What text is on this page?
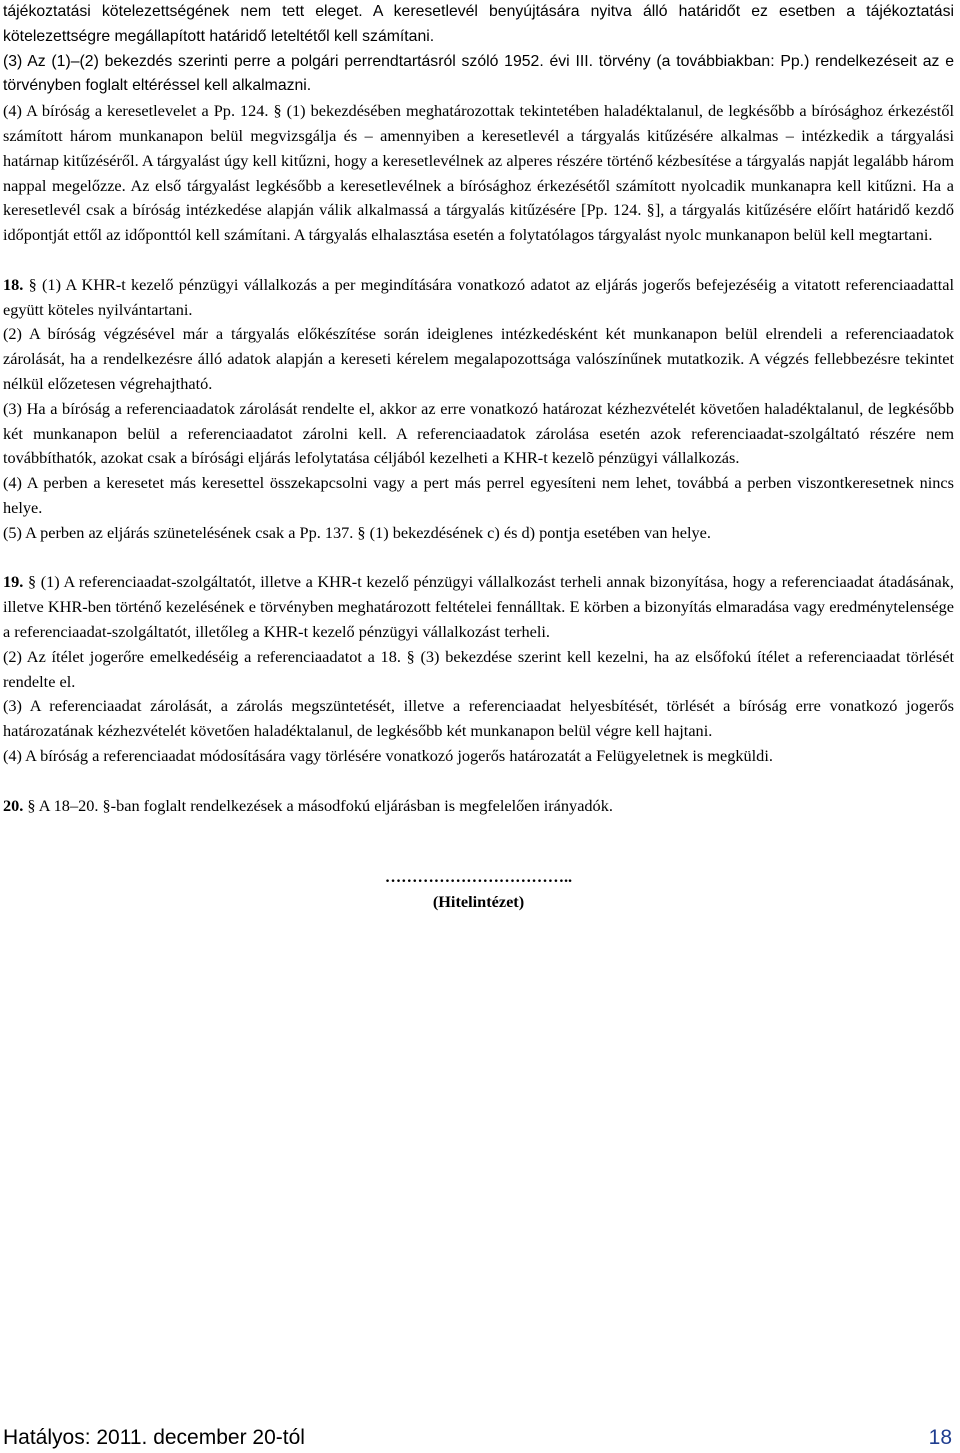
tájékoztatási kötelezettségének nem tett eleget. A keresetlevél benyújtására nyitva álló határidőt ez esetben a tájékoztatási kötelezettségre megállapított határidő leteltétől kell számítani.

(3) Az (1)–(2) bekezdés szerinti perre a polgári perrendtartásról szóló 1952. évi III. törvény (a továbbiakban: Pp.) rendelkezéseit az e törvényben foglalt eltéréssel kell alkalmazni.

(4) A bíróság a keresetlevelet a Pp. 124. § (1) bekezdésében meghatározottak tekintetében haladéktalanul, de legkésőbb a bírósághoz érkezéstől számított három munkanapon belül megvizsgálja és – amennyiben a keresetlevél a tárgyalás kitűzésére alkalmas – intézkedik a tárgyalási határnap kitűzéséről. A tárgyalást úgy kell kitűzni, hogy a keresetlevélnek az alperes részére történő kézbesítése a tárgyalás napját legalább három nappal megelőzze. Az első tárgyalást legkésőbb a keresetlevélnek a bírósághoz érkezésétől számított nyolcadik munkanapra kell kitűzni. Ha a keresetlevél csak a bíróság intézkedése alapján válik alkalmassá a tárgyalás kitűzésére [Pp. 124. §], a tárgyalás kitűzésére előírt határidő kezdő időpontját ettől az időponttól kell számítani. A tárgyalás elhalasztása esetén a folytatólagos tárgyalást nyolc munkanapon belül kell megtartani.

18. § (1) A KHR-t kezelő pénzügyi vállalkozás a per megindítására vonatkozó adatot az eljárás jogerős befejezéséig a vitatott referenciaadattal együtt köteles nyilvántartani.

(2) A bíróság végzésével már a tárgyalás előkészítése során ideiglenes intézkedésként két munkanapon belül elrendeli a referenciaadatok zárolását, ha a rendelkezésre álló adatok alapján a kereseti kérelem megalapozottsága valószínűnek mutatkozik. A végzés fellebbezésre tekintet nélkül előzetesen végrehajtható.

(3) Ha a bíróság a referenciaadatok zárolását rendelte el, akkor az erre vonatkozó határozat kézhezvételét követően haladéktalanul, de legkésőbb két munkanapon belül a referenciaadatot zárolni kell. A referenciaadatok zárolása esetén azok referenciaadat-szolgáltató részére nem továbbíthatók, azokat csak a bírósági eljárás lefolytatása céljából kezelheti a KHR-t kezelõ pénzügyi vállalkozás.

(4) A perben a keresetet más keresettel összekapcsolni vagy a pert más perrel egyesíteni nem lehet, továbbá a perben viszontkeresetnek nincs helye.

(5) A perben az eljárás szünetelésének csak a Pp. 137. § (1) bekezdésének c) és d) pontja esetében van helye.

19. § (1) A referenciaadat-szolgáltatót, illetve a KHR-t kezelő pénzügyi vállalkozást terheli annak bizonyítása, hogy a referenciaadat átadásának, illetve KHR-ben történő kezelésének e törvényben meghatározott feltételei fennálltak. E körben a bizonyítás elmaradása vagy eredménytelensége a referenciaadat-szolgáltatót, illetőleg a KHR-t kezelő pénzügyi vállalkozást terheli.

(2) Az ítélet jogerőre emelkedéséig a referenciaadatot a 18. § (3) bekezdése szerint kell kezelni, ha az elsőfokú ítélet a referenciaadat törlését rendelte el.

(3) A referenciaadat zárolását, a zárolás megszüntetését, illetve a referenciaadat helyesbítését, törlését a bíróság erre vonatkozó jogerős határozatának kézhezvételét követően haladéktalanul, de legkésőbb két munkanapon belül végre kell hajtani.

(4) A bíróság a referenciaadat módosítására vagy törlésére vonatkozó jogerős határozatát a Felügyeletnek is megküldi.

20. § A 18–20. §-ban foglalt rendelkezések a másodfokú eljárásban is megfelelően irányadók.

……………………………..
(Hitelintézet)
Hatályos: 2011. december 20-tól	18
